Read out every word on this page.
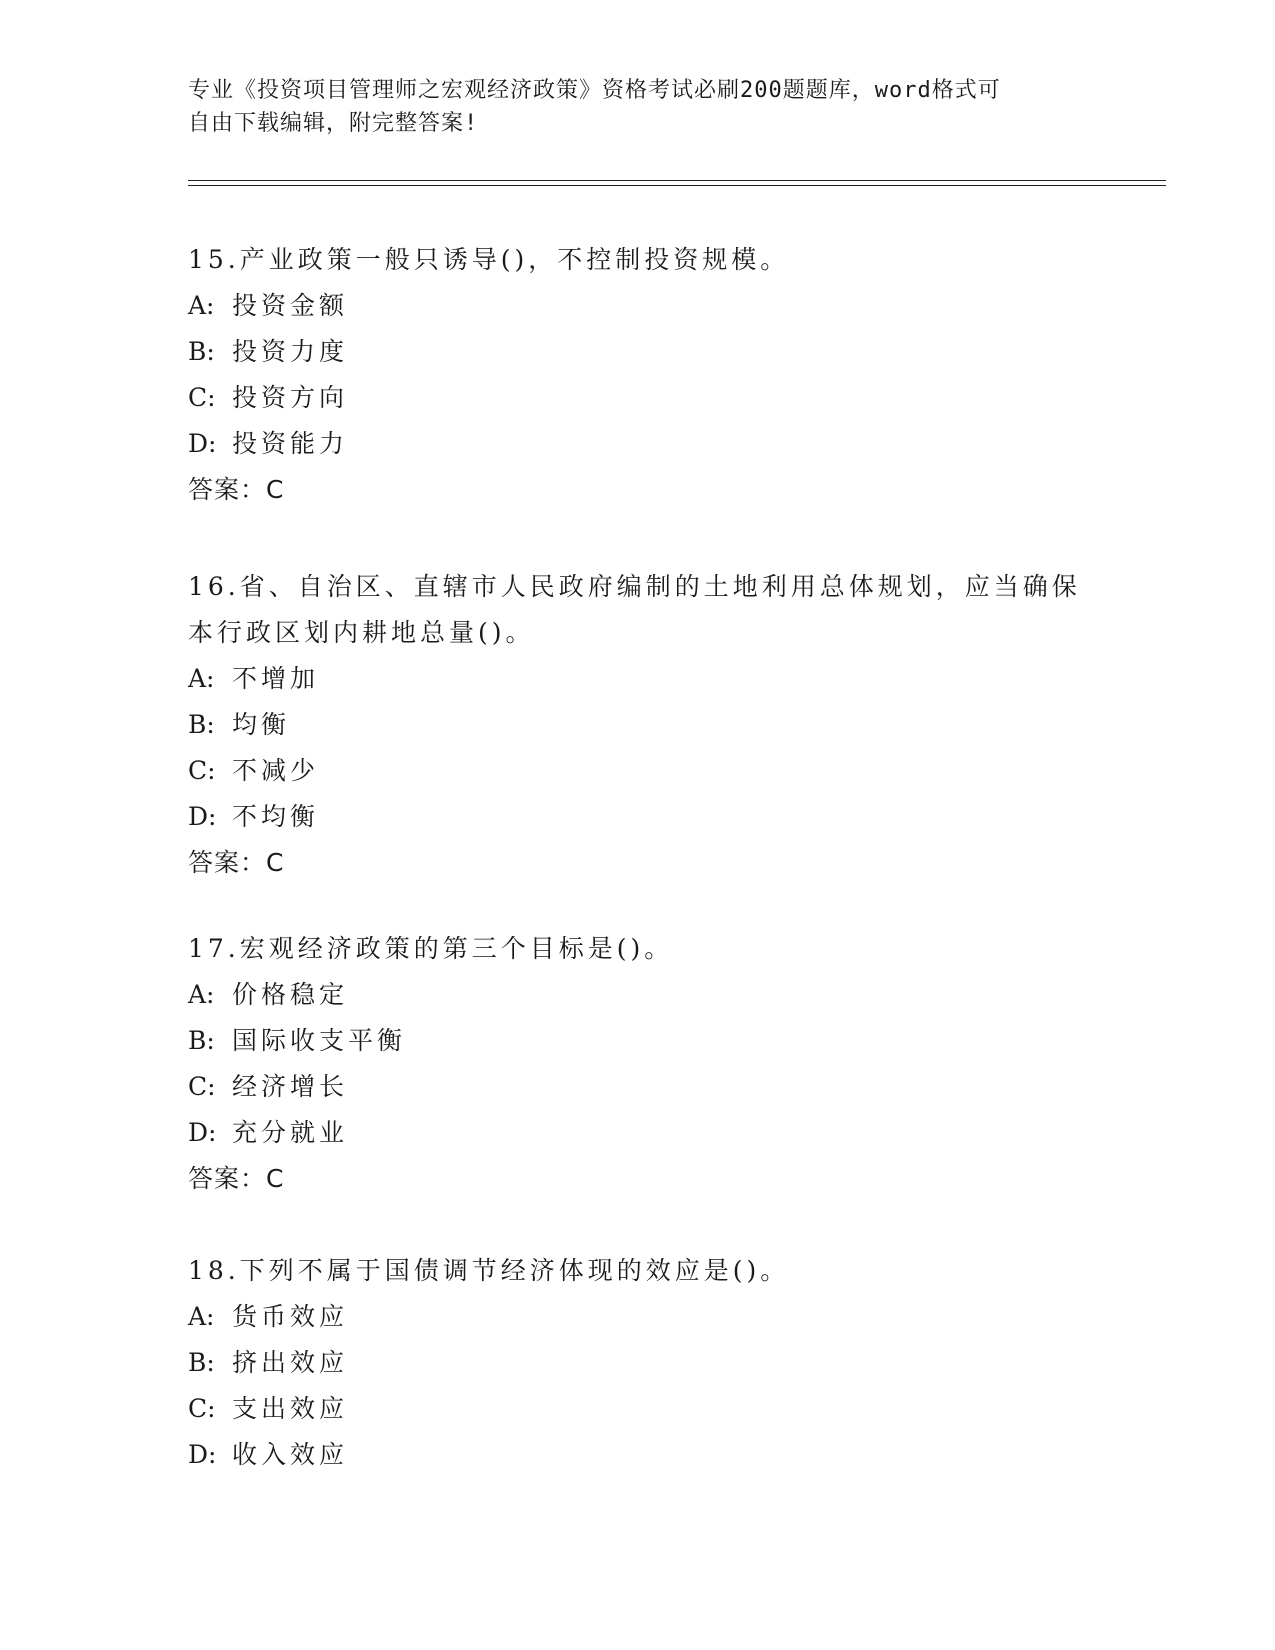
专业《投资项目管理师之宏观经济政策》资格考试必刷200题题库，word格式可
自由下载编辑，附完整答案!
15.产业政策一般只诱导()，不控制投资规模。
A: 投资金额
B: 投资力度
C: 投资方向
D: 投资能力
答案：C
16.省、自治区、直辖市人民政府编制的土地利用总体规划，应当确保本行政区划内耕地总量()。
A: 不增加
B: 均衡
C: 不减少
D: 不均衡
答案：C
17.宏观经济政策的第三个目标是()。
A: 价格稳定
B: 国际收支平衡
C: 经济增长
D: 充分就业
答案：C
18.下列不属于国债调节经济体现的效应是()。
A: 货币效应
B: 挤出效应
C: 支出效应
D: 收入效应
